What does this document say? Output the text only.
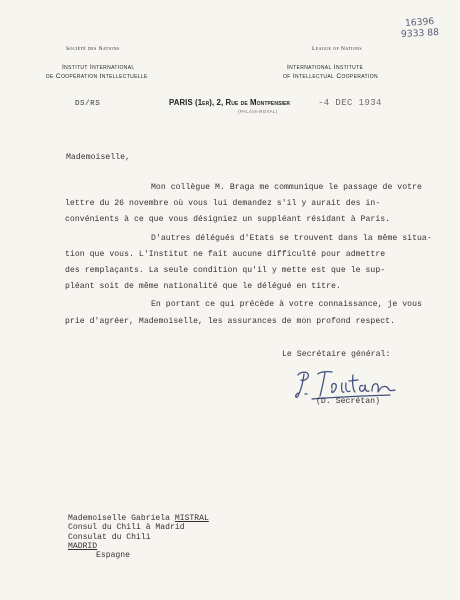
16396
9333 88
Société des Nations
Institut International
de Coopération Intellectuelle
League of Nations
International Institute
of Intellectual Cooperation
DS/RS	PARIS (1er), 2, Rue de Montpensier
(PALAIS-ROYAL)
-4 DEC 1934
Mademoiselle,
Mon collègue M. Braga me communique le passage de votre
lettre du 26 novembre où vous lui demandez s'il y aurait des in-
convénients à ce que vous désigniez un suppléant résidant à Paris.
D'autres délégués d'Etats se trouvent dans la même situa-
tion que vous. L'Institut ne fait aucune difficulté pour admettre
des remplaçants. La seule condition qu'il y mette est que le sup-
pléant soit de même nationalité que le délégué en titre.
En portant ce qui précède à votre connaissance, je vous
prie d'agréer, Mademoiselle, les assurances de mon profond respect.
Le Secrétaire général:
(D. Secrétan)
Mademoiselle Gabriela MISTRAL
Consul du Chili à Madrid
Consulat du Chili
MADRID
Espagne
